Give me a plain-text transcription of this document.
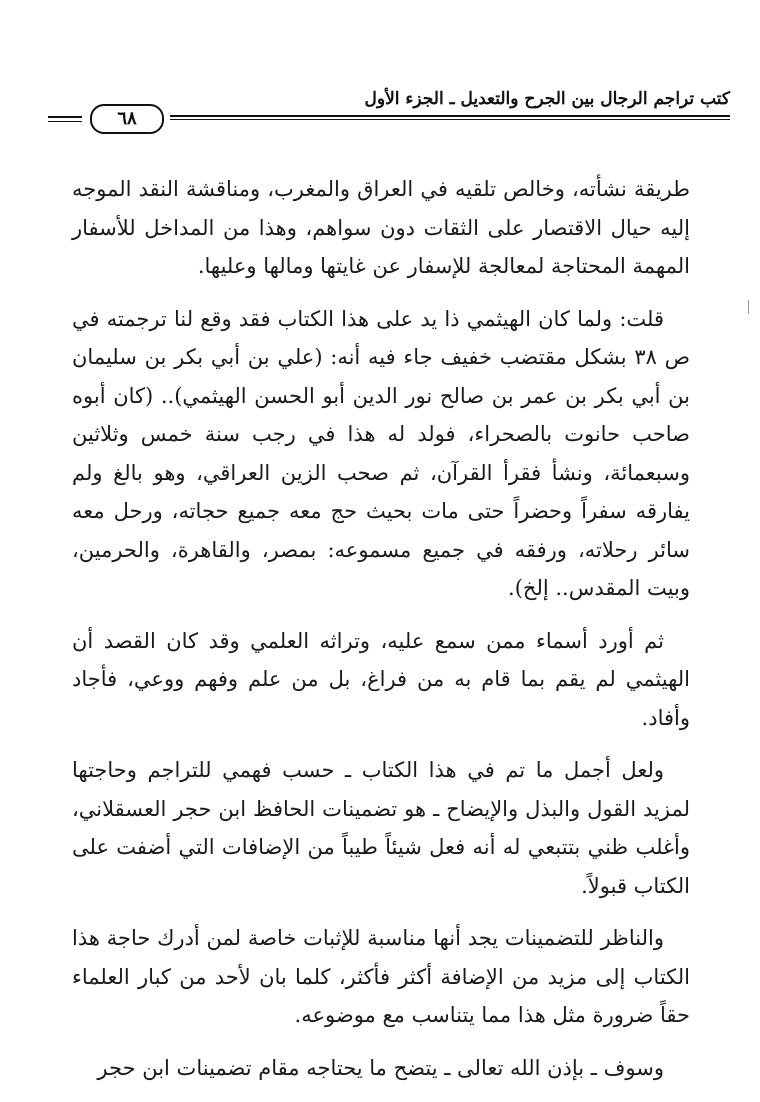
كتب تراجم الرجال بين الجرح والتعديل ـ الجزء الأول
٦٨

طريقة نشأته، وخالص تلقيه في العراق والمغرب، ومناقشة النقد الموجه إليه حيال الاقتصار على الثقات دون سواهم، وهذا من المداخل للأسفار المهمة المحتاجة لمعالجة للإسفار عن غايتها ومالها وعليها.

قلت: ولما كان الهيثمي ذا يد على هذا الكتاب فقد وقع لنا ترجمته في ص ٣٨ بشكل مقتضب خفيف جاء فيه أنه: (علي بن أبي بكر بن سليمان بن أبي بكر بن عمر بن صالح نور الدين أبو الحسن الهيثمي).. (كان أبوه صاحب حانوت بالصحراء، فولد له هذا في رجب سنة خمس وثلاثين وسبعمائة، ونشأ فقرأ القرآن، ثم صحب الزين العراقي، وهو بالغ ولم يفارقه سفراً وحضراً حتى مات بحيث حج معه جميع حجاته، ورحل معه سائر رحلاته، ورفقه في جميع مسموعه: بمصر، والقاهرة، والحرمين، وبيت المقدس.. إلخ).

ثم أورد أسماء ممن سمع عليه، وتراثه العلمي وقد كان القصد أن الهيثمي لم يقم بما قام به من فراغ، بل من علم وفهم ووعي، فأجاد وأفاد.

ولعل أجمل ما تم في هذا الكتاب ـ حسب فهمي للتراجم وحاجتها لمزيد القول والبذل والإيضاح ـ هو تضمينات الحافظ ابن حجر العسقلاني، وأغلب ظني بتتبعي له أنه فعل شيئاً طيباً من الإضافات التي أضفت على الكتاب قبولاً.

والناظر للتضمينات يجد أنها مناسبة للإثبات خاصة لمن أدرك حاجة هذا الكتاب إلى مزيد من الإضافة أكثر فأكثر، كلما بان لأحد من كبار العلماء حقاً ضرورة مثل هذا مما يتناسب مع موضوعه.

وسوف ـ بإذن الله تعالى ـ يتضح ما يحتاجه مقام تضمينات ابن حجر
